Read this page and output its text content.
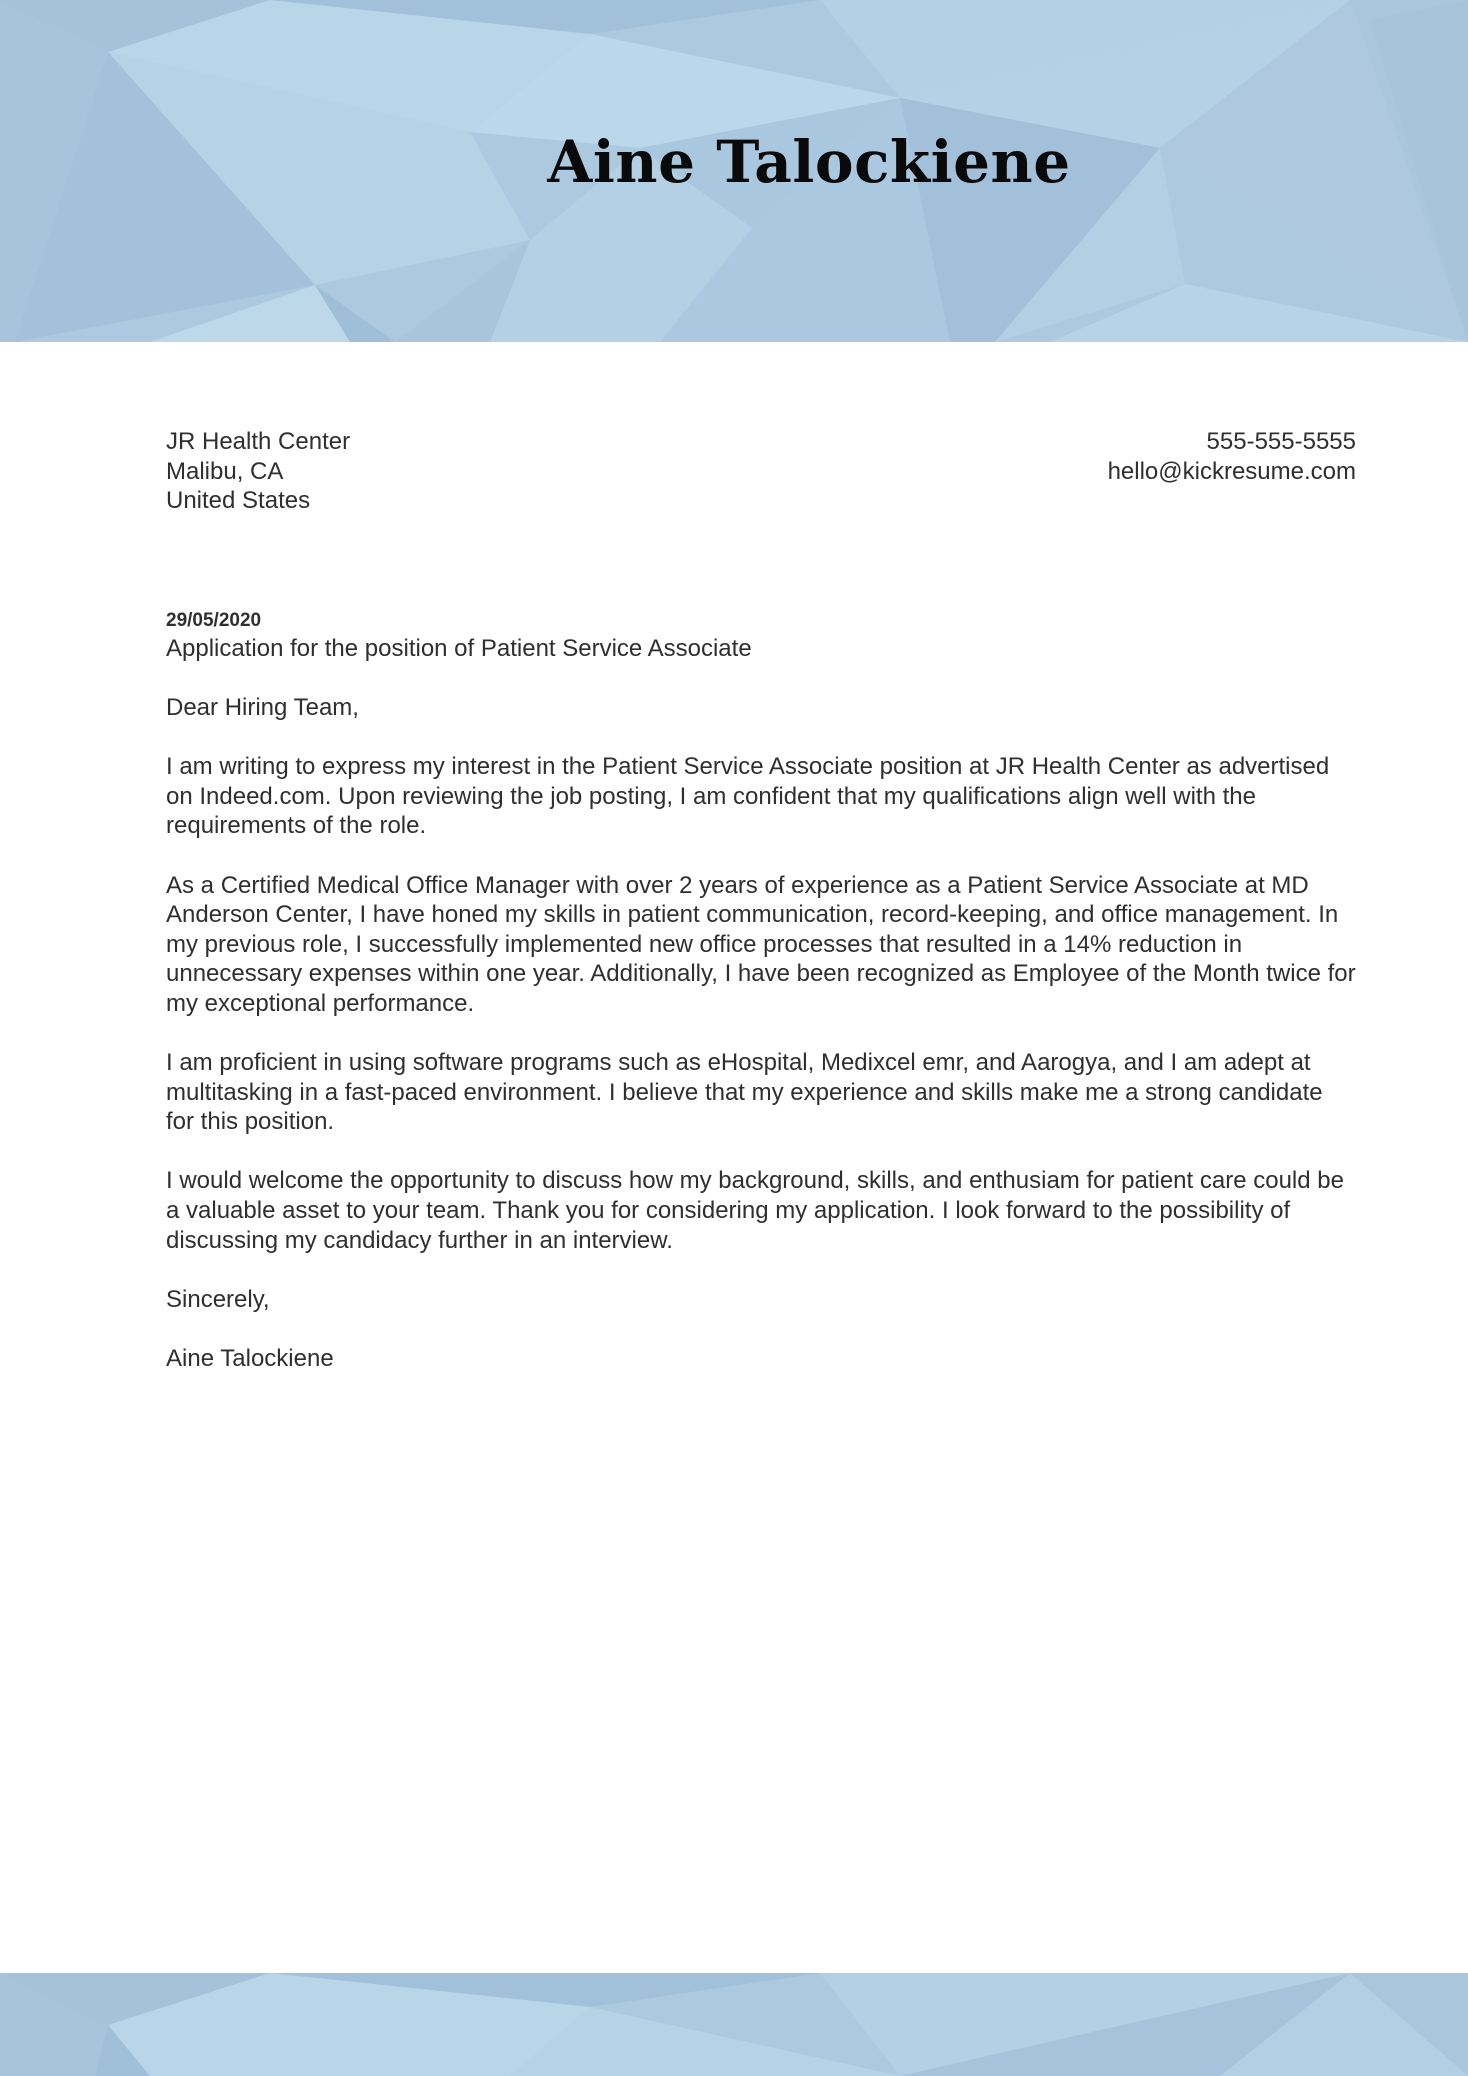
Aine Talockiene
JR Health Center
Malibu, CA
United States
555-555-5555
hello@kickresume.com
29/05/2020

Application for the position of Patient Service Associate

Dear Hiring Team,

I am writing to express my interest in the Patient Service Associate position at JR Health Center as advertised on Indeed.com. Upon reviewing the job posting, I am confident that my qualifications align well with the requirements of the role.

As a Certified Medical Office Manager with over 2 years of experience as a Patient Service Associate at MD Anderson Center, I have honed my skills in patient communication, record-keeping, and office management. In my previous role, I successfully implemented new office processes that resulted in a 14% reduction in unnecessary expenses within one year. Additionally, I have been recognized as Employee of the Month twice for my exceptional performance.

I am proficient in using software programs such as eHospital, Medixcel emr, and Aarogya, and I am adept at multitasking in a fast-paced environment. I believe that my experience and skills make me a strong candidate for this position.

I would welcome the opportunity to discuss how my background, skills, and enthusiam for patient care could be a valuable asset to your team. Thank you for considering my application. I look forward to the possibility of discussing my candidacy further in an interview.

Sincerely,

Aine Talockiene
